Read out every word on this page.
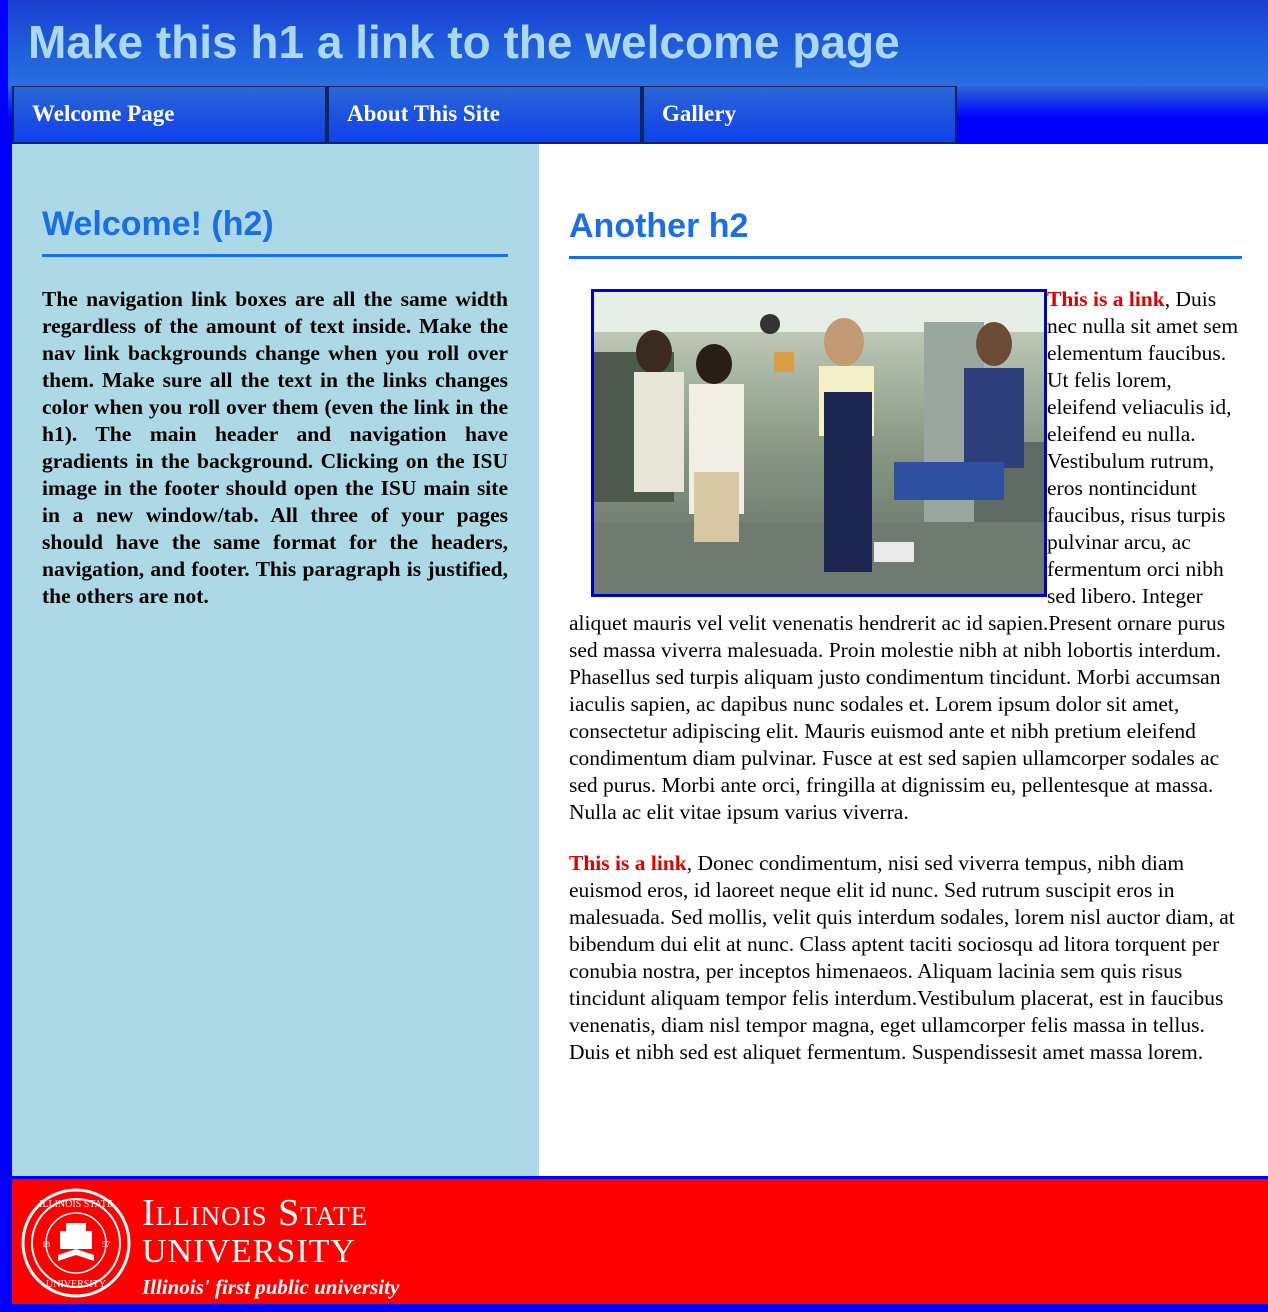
Make this h1 a link to the welcome page
Welcome Page	About This Site	Gallery
Welcome! (h2)

The navigation link boxes are all the same width regardless of the amount of text inside. Make the nav link backgrounds change when you roll over them. Make sure all the text in the links changes color when you roll over them (even the link in the h1). The main header and navigation have gradients in the background. Clicking on the ISU image in the footer should open the ISU main site in a new window/tab. All three of your pages should have the same format for the headers, navigation, and footer. This paragraph is justified, the others are not.

Another h2

This is a link, Duis nec nulla sit amet sem elementum faucibus. Ut felis lorem, eleifend veliaculis id, eleifend eu nulla. Vestibulum rutrum, eros nontincidunt faucibus, risus turpis pulvinar arcu, ac fermentum orci nibh sed libero. Integer aliquet mauris vel velit venenatis hendrerit ac id sapien.Present ornare purus sed massa viverra malesuada. Proin molestie nibh at nibh lobortis interdum. Phasellus sed turpis aliquam justo condimentum tincidunt. Morbi accumsan iaculis sapien, ac dapibus nunc sodales et. Lorem ipsum dolor sit amet, consectetur adipiscing elit. Mauris euismod ante et nibh pretium eleifend condimentum diam pulvinar. Fusce at est sed sapien ullamcorper sodales ac sed purus. Morbi ante orci, fringilla at dignissim eu, pellentesque at massa. Nulla ac elit vitae ipsum varius viverra.

This is a link, Donec condimentum, nisi sed viverra tempus, nibh diam euismod eros, id laoreet neque elit id nunc. Sed rutrum suscipit eros in malesuada. Sed mollis, velit quis interdum sodales, lorem nisl auctor diam, at bibendum dui elit at nunc. Class aptent taciti sociosqu ad litora torquent per conubia nostra, per inceptos himenaeos. Aliquam lacinia sem quis risus tincidunt aliquam tempor felis interdum.Vestibulum placerat, est in faucibus venenatis, diam nisl tempor magna, eget ullamcorper felis massa in tellus. Duis et nibh sed est aliquet fermentum. Suspendissesit amet massa lorem.

ILLINOIS STATE
UNIVERSITY
18	57
Illinois State
UNIVERSITY
Illinois' first public university
